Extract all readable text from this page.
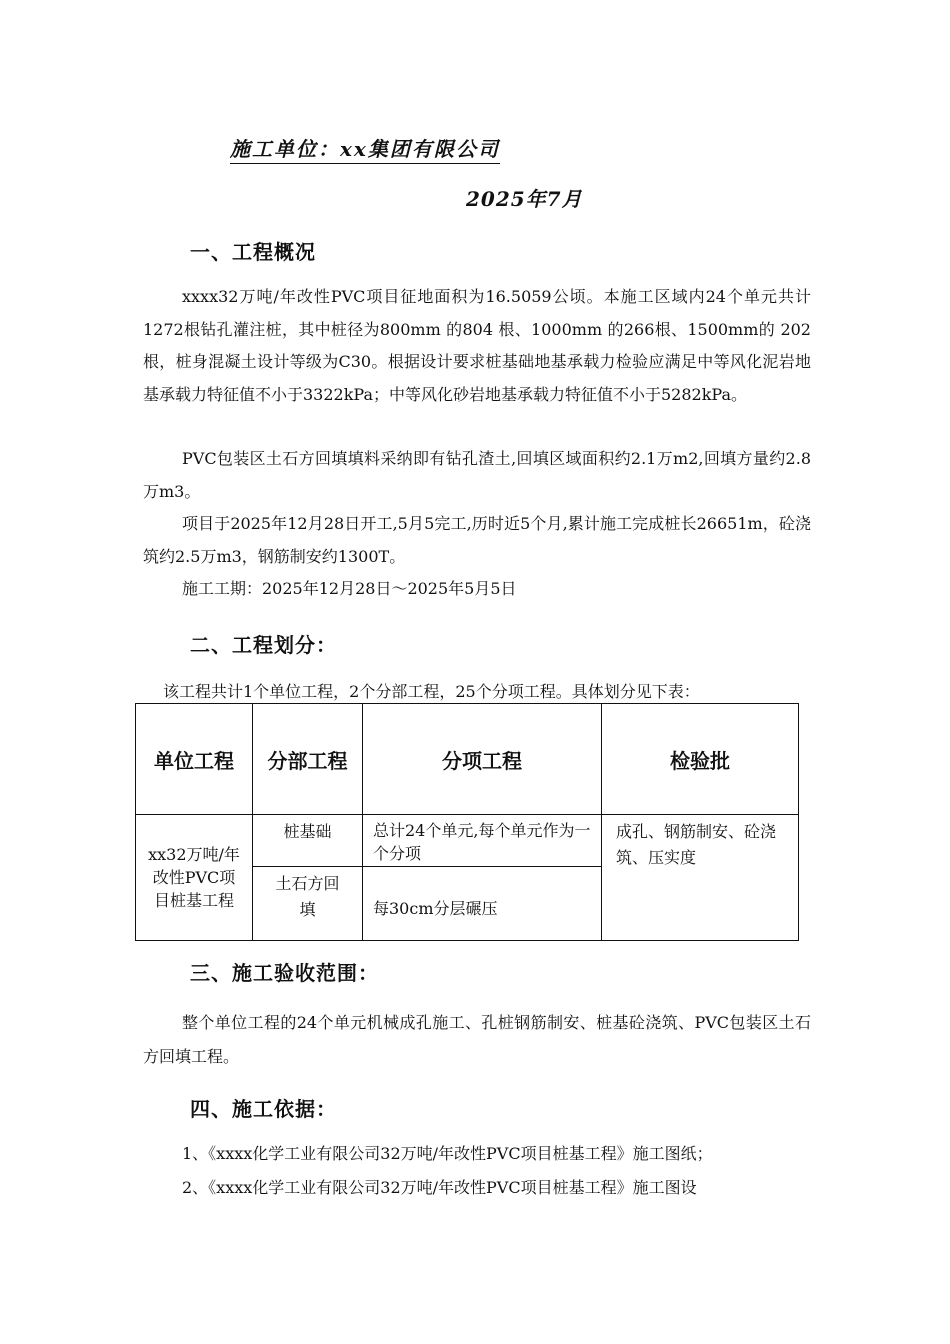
施工单位：xx集团有限公司
2025年7月
一、工程概况

xxxx32万吨/年改性PVC项目征地面积为16.5059公顷。本施工区域内24个单元共计1272根钻孔灌注桩，其中桩径为800mm 的804 根、1000mm 的266根、1500mm的 202 根，桩身混凝土设计等级为C30。根据设计要求桩基础地基承载力检验应满足中等风化泥岩地基承载力特征值不小于3322kPa；中等风化砂岩地基承载力特征值不小于5282kPa。

PVC包装区土石方回填填料采纳即有钻孔渣土,回填区域面积约2.1万m2,回填方量约2.8万m3。

项目于2025年12月28日开工,5月5完工,历时近5个月,累计施工完成桩长26651m，砼浇筑约2.5万m3，钢筋制安约1300T。

施工工期：2025年12月28日～2025年5月5日

二、工程划分：
该工程共计1个单位工程，2个分部工程，25个分项工程。具体划分见下表：
单位工程	分部工程	分项工程	检验批

xx32万吨/年改性PVC项目桩基工程	桩基础	总计24个单元,每个单元作为一个分项	成孔、钢筋制安、砼浇筑、压实度

	土石方回填	每30cm分层碾压	
三、施工验收范围：

整个单位工程的24个单元机械成孔施工、孔桩钢筋制安、桩基砼浇筑、PVC包装区土石方回填工程。

四、施工依据：
1、《xxxx化学工业有限公司32万吨/年改性PVC项目桩基工程》施工图纸；
2、《xxxx化学工业有限公司32万吨/年改性PVC项目桩基工程》施工图设
